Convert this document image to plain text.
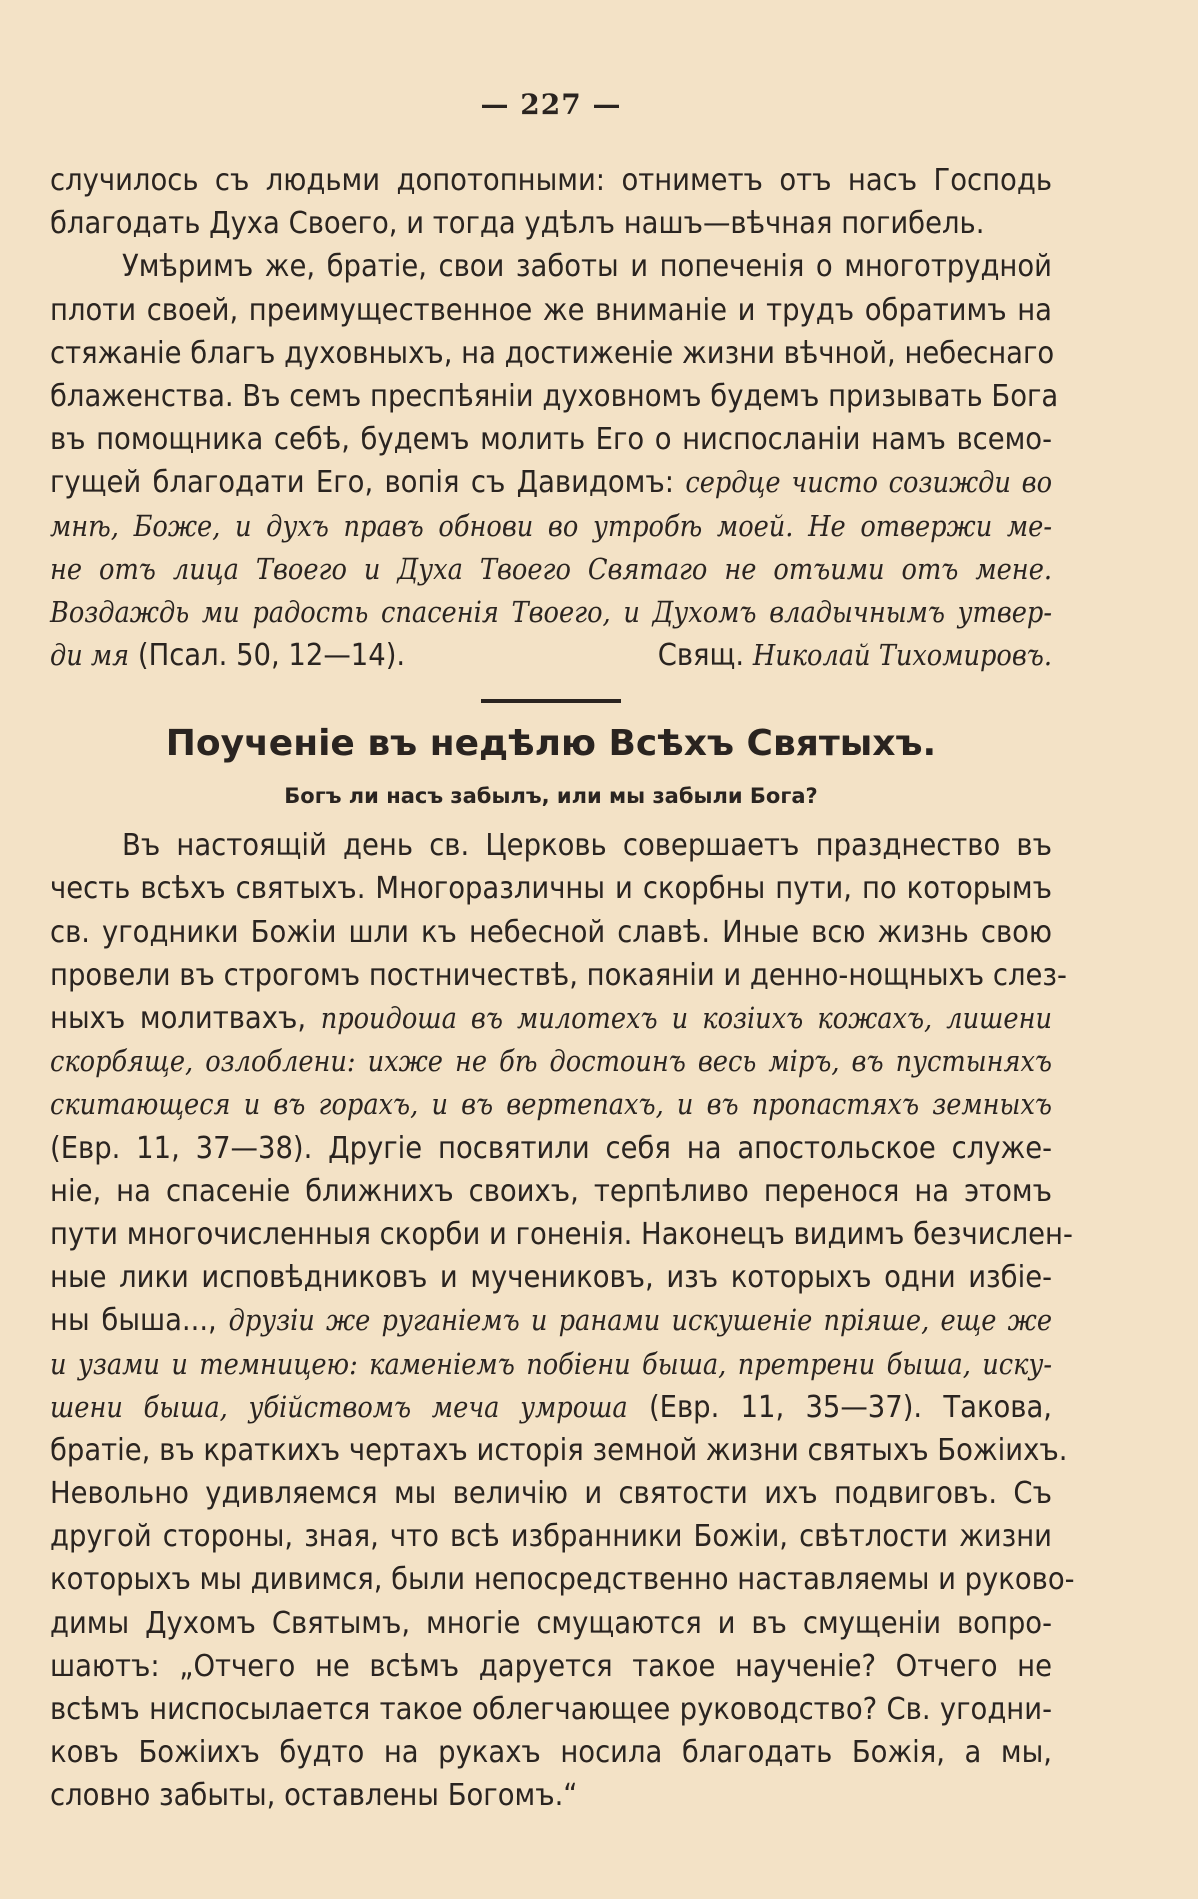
— 227 —
случилось съ людьми допотопными: отниметъ отъ насъ Господь
благодать Духа Своего, и тогда удѣлъ нашъ—вѣчная погибель.
Умѣримъ же, братіе, свои заботы и попеченія о многотрудной
плоти своей, преимущественное же вниманіе и трудъ обратимъ на
стяжаніе благъ духовныхъ, на достиженіе жизни вѣчной, небеснаго
блаженства. Въ семъ преспѣяніи духовномъ будемъ призывать Бога
въ помощника себѣ, будемъ молить Его о ниспосланіи намъ всемо-
гущей благодати Его, вопія съ Давидомъ: сердце чисто созижди во
мнѣ, Боже, и духъ правъ обнови во утробѣ моей. Не отвержи ме-
не отъ лица Твоего и Духа Твоего Святаго не отъими отъ мене.
Воздаждь ми радость спасенія Твоего, и Духомъ владычнымъ утвер-
ди мя (Псал. 50, 12—14).	Свящ. Николай Тихомировъ.
Поученіе въ недѣлю Всѣхъ Святыхъ.
Богъ ли насъ забылъ, или мы забыли Бога?
Въ настоящій день св. Церковь совершаетъ празднество въ
честь всѣхъ святыхъ. Многоразличны и скорбны пути, по которымъ
св. угодники Божіи шли къ небесной славѣ. Иные всю жизнь свою
провели въ строгомъ постничествѣ, покаяніи и денно-нощныхъ слез-
ныхъ молитвахъ, проидоша въ милотехъ и козіихъ кожахъ, лишени
скорбяще, озлоблени: ихже не бѣ достоинъ весь міръ, въ пустыняхъ
скитающеся и въ горахъ, и въ вертепахъ, и въ пропастяхъ земныхъ
(Евр. 11, 37—38). Другіе посвятили себя на апостольское служе-
ніе, на спасеніе ближнихъ своихъ, терпѣливо перенося на этомъ
пути многочисленныя скорби и гоненія. Наконецъ видимъ безчислен-
ные лики исповѣдниковъ и мучениковъ, изъ которыхъ одни избіе-
ны быша..., друзіи же руганіемъ и ранами искушеніе пріяше, еще же
и узами и темницею: каменіемъ побіени быша, претрени быша, иску-
шени быша, убійствомъ меча умроша (Евр. 11, 35—37). Такова,
братіе, въ краткихъ чертахъ исторія земной жизни святыхъ Божіихъ.
Невольно удивляемся мы величію и святости ихъ подвиговъ. Съ
другой стороны, зная, что всѣ избранники Божіи, свѣтлости жизни
которыхъ мы дивимся, были непосредственно наставляемы и руково-
димы Духомъ Святымъ, многіе смущаются и въ смущеніи вопро-
шаютъ: „Отчего не всѣмъ даруется такое наученіе? Отчего не
всѣмъ ниспосылается такое облегчающее руководство? Св. угодни-
ковъ Божіихъ будто на рукахъ носила благодать Божія, а мы,
словно забыты, оставлены Богомъ.“
